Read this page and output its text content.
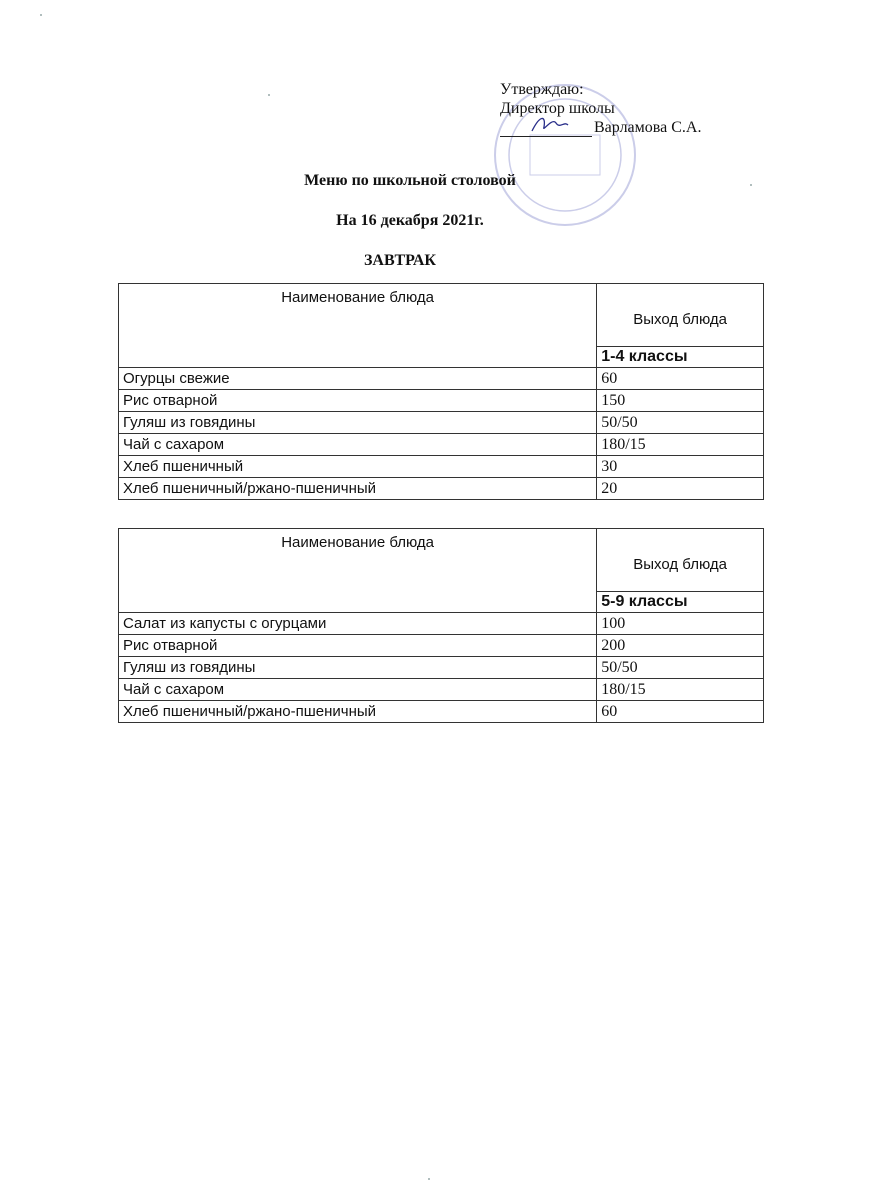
Утверждаю:
Директор школы
Варламова С.А.
Меню по школьной столовой
На 16 декабря 2021г.
ЗАВТРАК
Наименование блюда	Выход блюда
	1-4 классы
Огурцы свежие	60
Рис отварной	150
Гуляш из говядины	50/50
Чай с сахаром	180/15
Хлеб пшеничный	30
Хлеб пшеничный/ржано-пшеничный	20
Наименование блюда	Выход блюда
	5-9 классы
Салат из капусты с огурцами	100
Рис отварной	200
Гуляш из говядины	50/50
Чай с сахаром	180/15
Хлеб пшеничный/ржано-пшеничный	60
